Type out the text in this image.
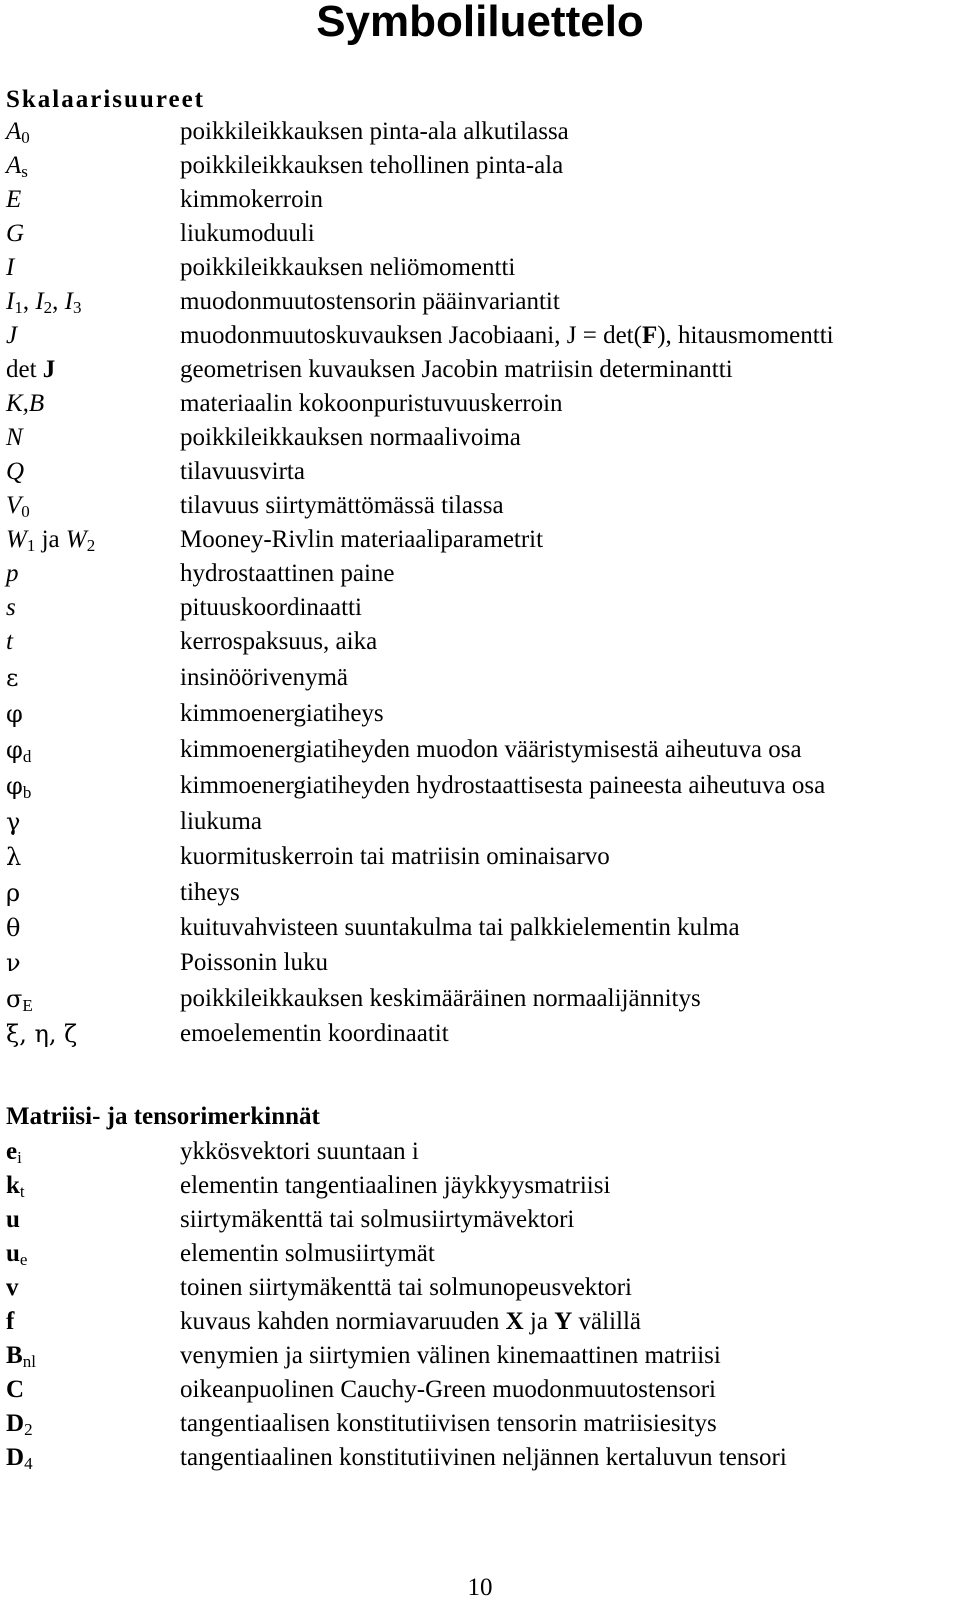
Symboliluettelo
Skalaarisuureet
$A_0$	poikkileikkauksen pinta-ala alkutilassa
$A_s$	poikkileikkauksen tehollinen pinta-ala
E	kimmokerroin
G	liukumoduuli
I	poikkileikkauksen neliömomentti
$I_1$, $I_2$, $I_3$	muodonmuutostensorin pääinvariantit
J	muodonmuutoskuvauksen Jacobiaani, J = det(F), hitausmomentti
det J	geometrisen kuvauksen Jacobin matriisin determinantti
K,B	materiaalin kokoonpuristuvuuskerroin
N	poikkileikkauksen normaalivoima
Q	tilavuusvirta
$V_0$	tilavuus siirtymättömässä tilassa
$W_1$ ja $W_2$	Mooney-Rivlin materiaaliparametrit
p	hydrostaattinen paine
s	pituuskoordinaatti
t	kerrospaksuus, aika
ε	insinöörivenymä
φ	kimmoenergiatiheys
$\varphi_d$	kimmoenergiatiheyden muodon vääristymisestä aiheutuva osa
$\varphi_b$	kimmoenergiatiheyden hydrostaattisesta paineesta aiheutuva osa
γ	liukuma
λ	kuormituskerroin tai matriisin ominaisarvo
ρ	tiheys
θ	kuituvahvisteen suuntakulma tai palkkielementin kulma
ν	Poissonin luku
$\sigma_E$	poikkileikkauksen keskimääräinen normaalijännitys
ξ, η, ζ	emoelementin koordinaatit
Matriisi- ja tensorimerkinnät
$e_i$	ykkösvektori suuntaan i
$k_t$	elementin tangentiaalinen jäykkyysmatriisi
u	siirtymäkenttä tai solmusiirtymävektori
$u_e$	elementin solmusiirtymät
v	toinen siirtymäkenttä tai solmunopeusvektori
f	kuvaus kahden normiavaruuden X ja Y välillä
$B_{nl}$	venymien ja siirtymien välinen kinemaattinen matriisi
C	oikeanpuolinen Cauchy-Green muodonmuutostensori
$D_2$	tangentiaalisen konstitutiivisen tensorin matriisiesitys
$D_4$	tangentiaalinen konstitutiivinen neljännen kertaluvun tensori
10
